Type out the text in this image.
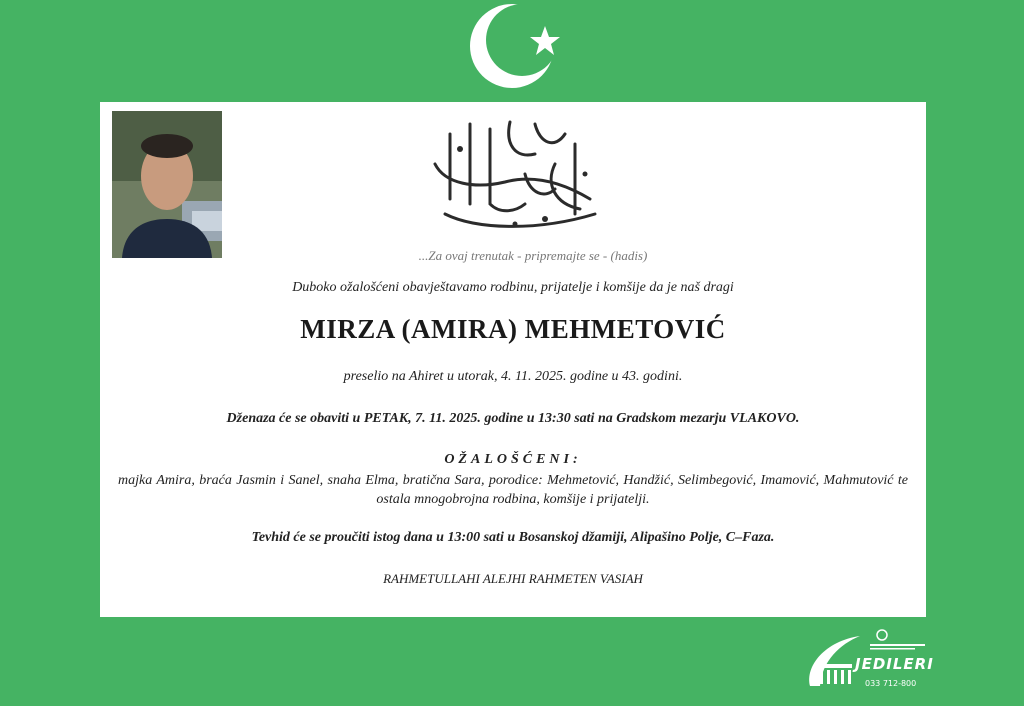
...Za ovaj trenutak - pripremajte se - (hadis)
Duboko ožalošćeni obavještavamo rodbinu, prijatelje i komšije da je naš dragi
MIRZA (AMIRA) MEHMETOVIĆ
preselio na Ahiret u utorak, 4. 11. 2025. godine u 43. godini.
Dženaza će se obaviti u PETAK, 7. 11. 2025. godine u 13:30 sati na Gradskom mezarju VLAKOVO.
OŽALOŠĆENI:
majka Amira, braća Jasmin i Sanel, snaha Elma, bratična Sara, porodice: Mehmetović, Handžić, Selimbegović, Imamović, Mahmutović te ostala mnogobrojna rodbina, komšije i prijatelji.
Tevhid će se proučiti istog dana u 13:00 sati u Bosanskoj džamiji, Alipašino Polje, C–Faza.
RAHMETULLAHI ALEJHI RAHMETEN VASIAH
JEDILERI
033 712-800
